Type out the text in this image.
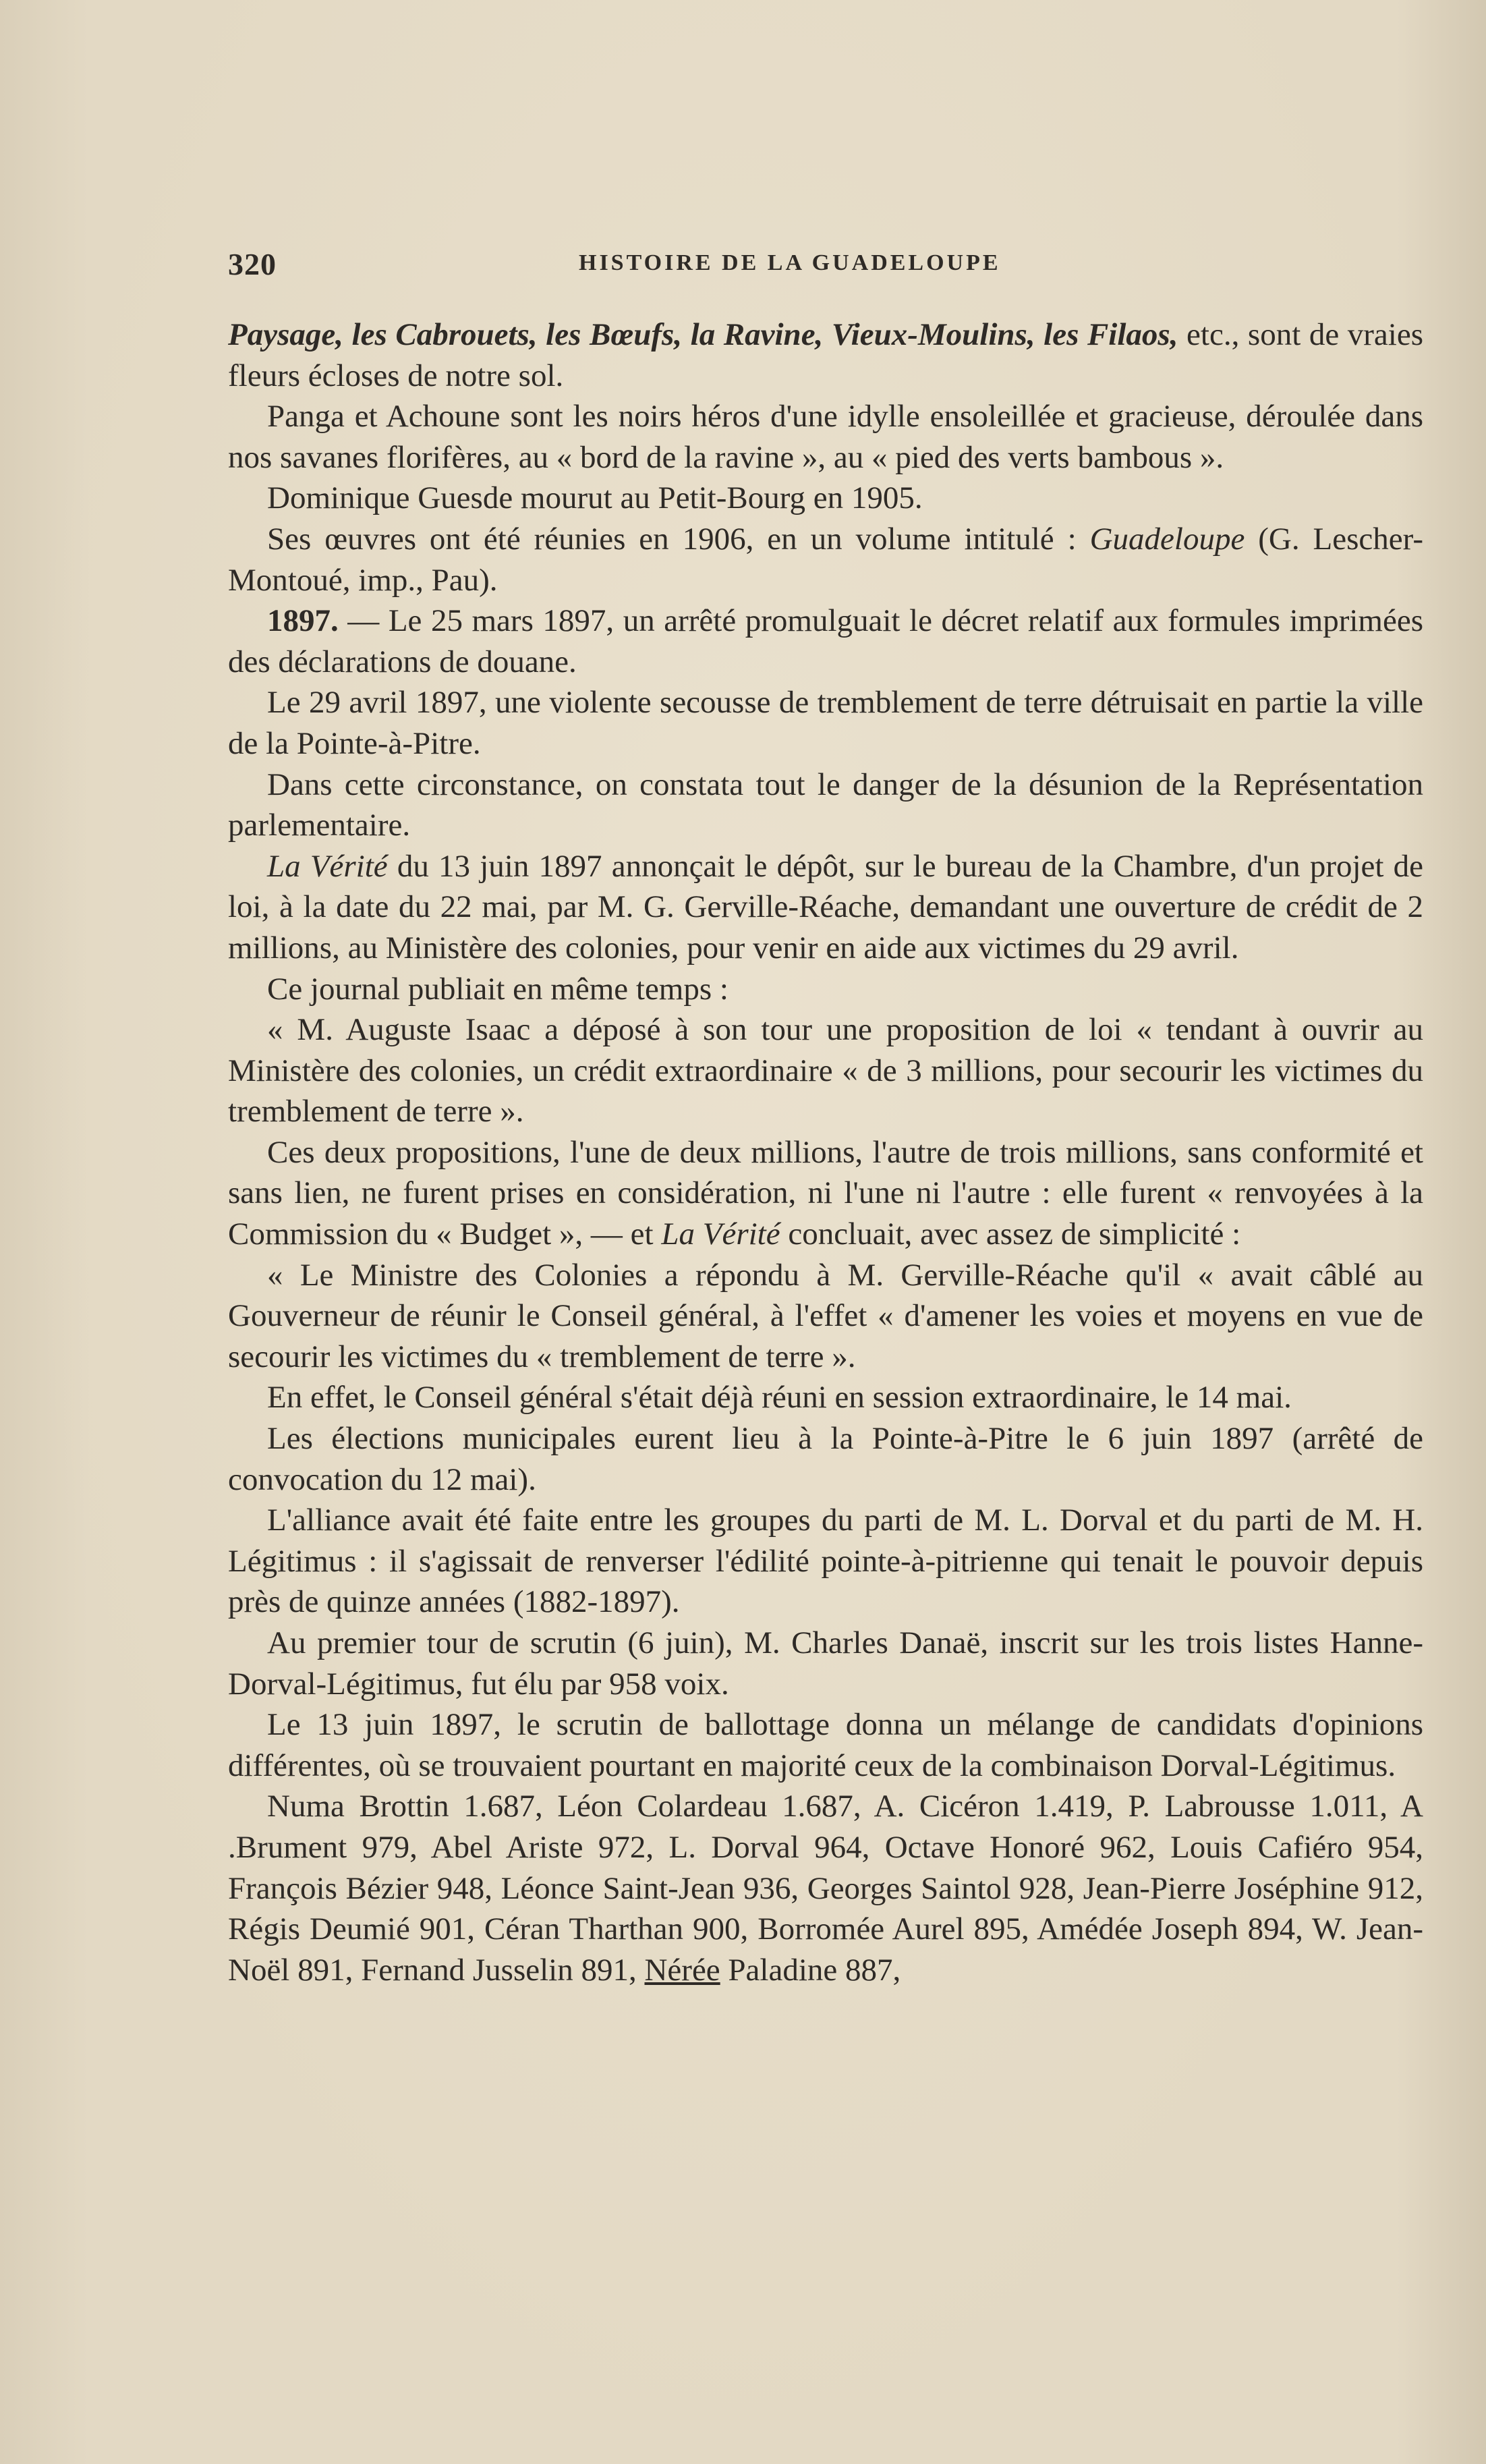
320	HISTOIRE DE LA GUADELOUPE

Paysage, les Cabrouets, les Bœufs, la Ravine, Vieux-Moulins, les Filaos, etc., sont de vraies fleurs écloses de notre sol.

Panga et Achoune sont les noirs héros d'une idylle ensoleillée et gracieuse, déroulée dans nos savanes florifères, au « bord de la ravine », au « pied des verts bambous ».

Dominique Guesde mourut au Petit-Bourg en 1905.

Ses œuvres ont été réunies en 1906, en un volume intitulé : Guadeloupe (G. Lescher-Montoué, imp., Pau).

1897. — Le 25 mars 1897, un arrêté promulguait le décret relatif aux formules imprimées des déclarations de douane.

Le 29 avril 1897, une violente secousse de tremblement de terre détruisait en partie la ville de la Pointe-à-Pitre.

Dans cette circonstance, on constata tout le danger de la désunion de la Représentation parlementaire.

La Vérité du 13 juin 1897 annonçait le dépôt, sur le bureau de la Chambre, d'un projet de loi, à la date du 22 mai, par M. G. Gerville-Réache, demandant une ouverture de crédit de 2 millions, au Ministère des colonies, pour venir en aide aux victimes du 29 avril.

Ce journal publiait en même temps :

« M. Auguste Isaac a déposé à son tour une proposition de loi « tendant à ouvrir au Ministère des colonies, un crédit extraordinaire « de 3 millions, pour secourir les victimes du tremblement de terre ».

Ces deux propositions, l'une de deux millions, l'autre de trois millions, sans conformité et sans lien, ne furent prises en considération, ni l'une ni l'autre : elle furent « renvoyées à la Commission du « Budget », — et La Vérité concluait, avec assez de simplicité :

« Le Ministre des Colonies a répondu à M. Gerville-Réache qu'il « avait câblé au Gouverneur de réunir le Conseil général, à l'effet « d'amener les voies et moyens en vue de secourir les victimes du « tremblement de terre ».

En effet, le Conseil général s'était déjà réuni en session extraordinaire, le 14 mai.

Les élections municipales eurent lieu à la Pointe-à-Pitre le 6 juin 1897 (arrêté de convocation du 12 mai).

L'alliance avait été faite entre les groupes du parti de M. L. Dorval et du parti de M. H. Légitimus : il s'agissait de renverser l'édilité pointe-à-pitrienne qui tenait le pouvoir depuis près de quinze années (1882-1897).

Au premier tour de scrutin (6 juin), M. Charles Danaë, inscrit sur les trois listes Hanne-Dorval-Légitimus, fut élu par 958 voix.

Le 13 juin 1897, le scrutin de ballottage donna un mélange de candidats d'opinions différentes, où se trouvaient pourtant en majorité ceux de la combinaison Dorval-Légitimus.

Numa Brottin 1.687, Léon Colardeau 1.687, A. Cicéron 1.419, P. Labrousse 1.011, A .Brument 979, Abel Ariste 972, L. Dorval 964, Octave Honoré 962, Louis Cafiéro 954, François Bézier 948, Léonce Saint-Jean 936, Georges Saintol 928, Jean-Pierre Joséphine 912, Régis Deumié 901, Céran Tharthan 900, Borromée Aurel 895, Amédée Joseph 894, W. Jean-Noël 891, Fernand Jusselin 891, Nérée Paladine 887,
